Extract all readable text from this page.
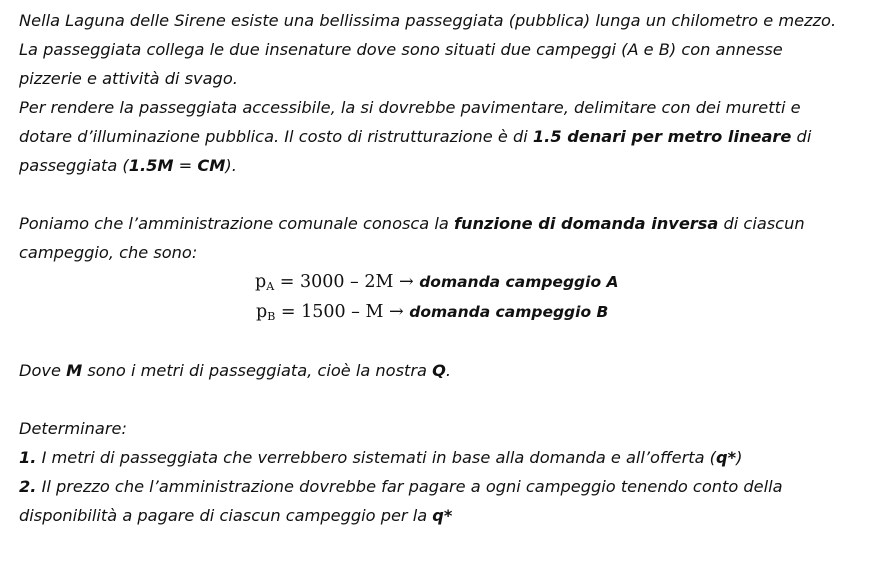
Nella Laguna delle Sirene esiste una bellissima passeggiata (pubblica) lunga un chilometro e mezzo.
La passeggiata collega le due insenature dove sono situati due campeggi (A e B) con annesse
pizzerie e attività di svago.
Per rendere la passeggiata accessibile, la si dovrebbe pavimentare, delimitare con dei muretti e
dotare d’illuminazione pubblica. Il costo di ristrutturazione è di 1.5 denari per metro lineare di
passeggiata (1.5M = CM).
Poniamo che l’amministrazione comunale conosca la funzione di domanda inversa di ciascun
campeggio, che sono:
$p_A = 3000 - 2M$ → domanda campeggio A
$p_B = 1500 - M$ → domanda campeggio B
Dove M sono i metri di passeggiata, cioè la nostra Q.
Determinare:
1. I metri di passeggiata che verrebbero sistemati in base alla domanda e all’offerta (q*)
2. Il prezzo che l’amministrazione dovrebbe far pagare a ogni campeggio tenendo conto della
disponibilità a pagare di ciascun campeggio per la q*
